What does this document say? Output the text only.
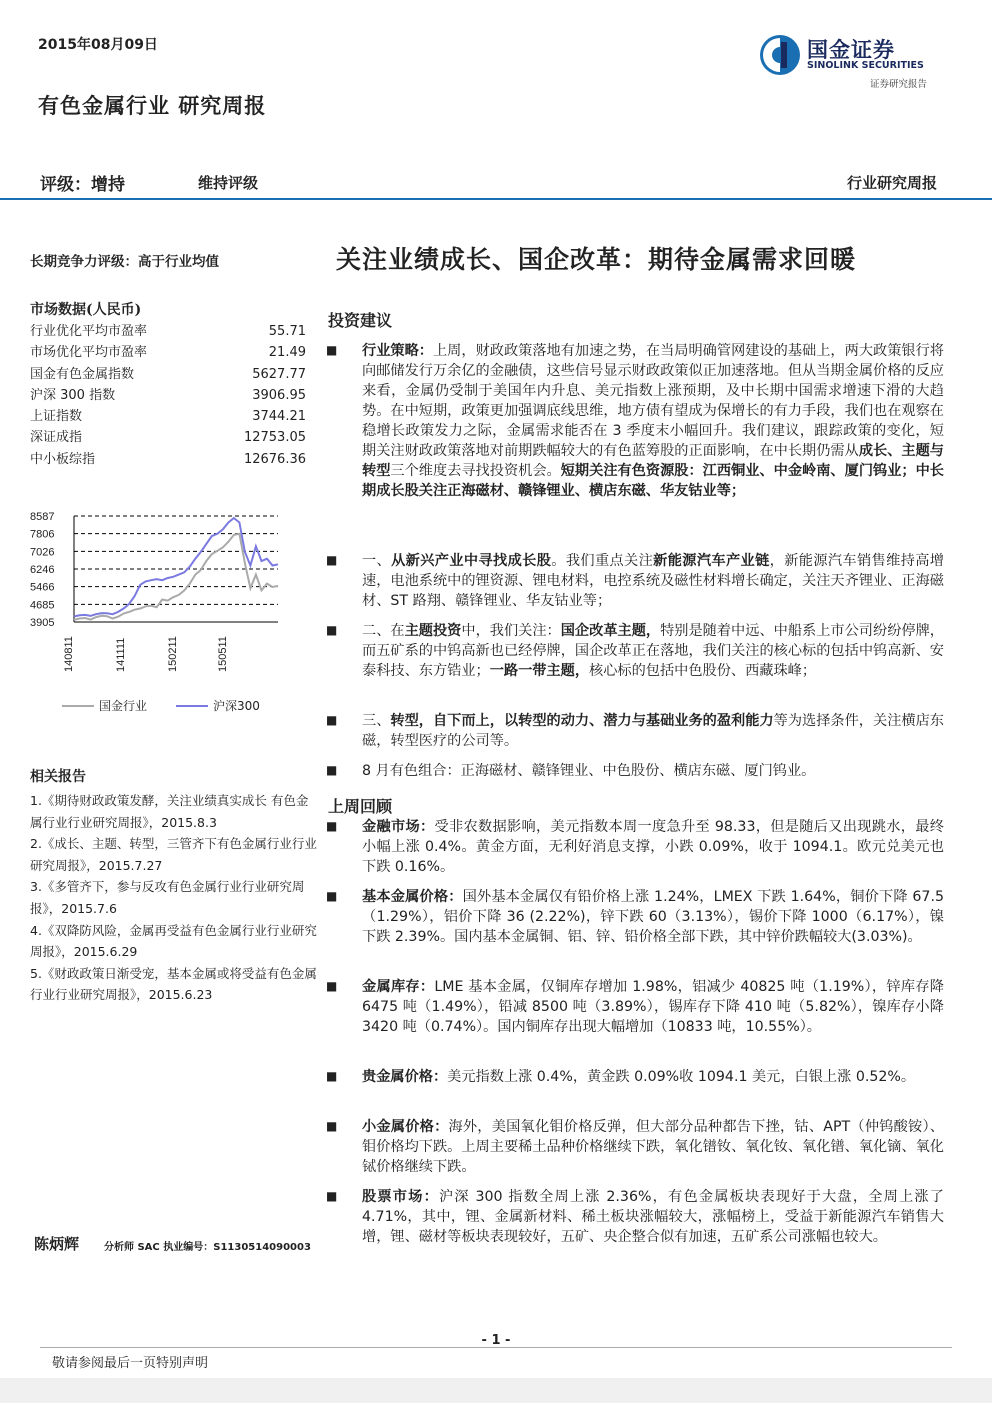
2015年08月09日
有色金属行业 研究周报
国金证券
SINOLINK SECURITIES
证券研究报告
评级：增持	维持评级	行业研究周报
长期竞争力评级：高于行业均值
市场数据(人民币)
行业优化平均市盈率	55.71
市场优化平均市盈率	21.49
国金有色金属指数	5627.77
沪深 300 指数	3906.95
上证指数	3744.21
深证成指	12753.05
中小板综指	12676.36
8587
7806
7026
6246
5466
4685
3905
140811	141111	150211	150511
国金行业	沪深300
相关报告
1.《期待财政政策发酵，关注业绩真实成长 有色金属行业行业研究周报》，2015.8.3
2.《成长、主题、转型，三管齐下有色金属行业行业研究周报》，2015.7.27
3.《多管齐下，参与反攻有色金属行业行业研究周报》，2015.7.6
4.《双降防风险，金属再受益有色金属行业行业研究周报》，2015.6.29
5.《财政政策日渐受宠，基本金属或将受益有色金属行业行业研究周报》，2015.6.23
陈炳辉 分析师 SAC 执业编号：S1130514090003
关注业绩成长、国企改革：期待金属需求回暖
投资建议
■ 行业策略：上周，财政政策落地有加速之势，在当局明确管网建设的基础上，两大政策银行将向邮储发行万余亿的金融债，这些信号显示财政政策似正加速落地。但从当期金属价格的反应来看，金属仍受制于美国年内升息、美元指数上涨预期，及中长期中国需求增速下滑的大趋势。在中短期，政策更加强调底线思维，地方债有望成为保增长的有力手段，我们也在观察在稳增长政策发力之际，金属需求能否在 3 季度末小幅回升。我们建议，跟踪政策的变化，短期关注财政政策落地对前期跌幅较大的有色蓝筹股的正面影响，在中长期仍需从成长、主题与转型三个维度去寻找投资机会。短期关注有色资源股：江西铜业、中金岭南、厦门钨业；中长期成长股关注正海磁材、赣锋锂业、横店东磁、华友钴业等；
■ 一、从新兴产业中寻找成长股。我们重点关注新能源汽车产业链，新能源汽车销售维持高增速，电池系统中的锂资源、锂电材料，电控系统及磁性材料增长确定，关注天齐锂业、正海磁材、ST 路翔、赣锋锂业、华友钴业等；
■ 二、在主题投资中，我们关注：国企改革主题，特别是随着中远、中船系上市公司纷纷停牌，而五矿系的中钨高新也已经停牌，国企改革正在落地，我们关注的核心标的包括中钨高新、安泰科技、东方锆业；一路一带主题，核心标的包括中色股份、西藏珠峰；
■ 三、转型，自下而上，以转型的动力、潜力与基础业务的盈利能力等为选择条件，关注横店东磁，转型医疗的公司等。
■ 8 月有色组合：正海磁材、赣锋锂业、中色股份、横店东磁、厦门钨业。
上周回顾
■ 金融市场：受非农数据影响，美元指数本周一度急升至 98.33，但是随后又出现跳水，最终小幅上涨 0.4%。黄金方面，无利好消息支撑，小跌 0.09%，收于 1094.1。欧元兑美元也下跌 0.16%。
■ 基本金属价格：国外基本金属仅有铅价格上涨 1.24%，LMEX 下跌 1.64%，铜价下降 67.5（1.29%），铝价下降 36 (2.22%)，锌下跌 60（3.13%），锡价下降 1000（6.17%），镍下跌 2.39%。国内基本金属铜、铝、锌、铅价格全部下跌，其中锌价跌幅较大(3.03%)。
■ 金属库存：LME 基本金属，仅铜库存增加 1.98%，铝减少 40825 吨（1.19%），锌库存降 6475 吨（1.49%），铅减 8500 吨（3.89%），锡库存下降 410 吨（5.82%），镍库存小降 3420 吨（0.74%）。国内铜库存出现大幅增加（10833 吨，10.55%）。
■ 贵金属价格：美元指数上涨 0.4%，黄金跌 0.09%收 1094.1 美元，白银上涨 0.52%。
■ 小金属价格：海外，美国氧化钼价格反弹，但大部分品种都告下挫，钴、APT（仲钨酸铵）、钼价格均下跌。上周主要稀土品种价格继续下跌，氧化镨钕、氧化钕、氧化镨、氧化镝、氧化铽价格继续下跌。
■ 股票市场：沪深 300 指数全周上涨 2.36%，有色金属板块表现好于大盘，全周上涨了 4.71%，其中，锂、金属新材料、稀土板块涨幅较大，涨幅榜上，受益于新能源汽车销售大增，锂、磁材等板块表现较好，五矿、央企整合似有加速，五矿系公司涨幅也较大。
- 1 -
敬请参阅最后一页特别声明
